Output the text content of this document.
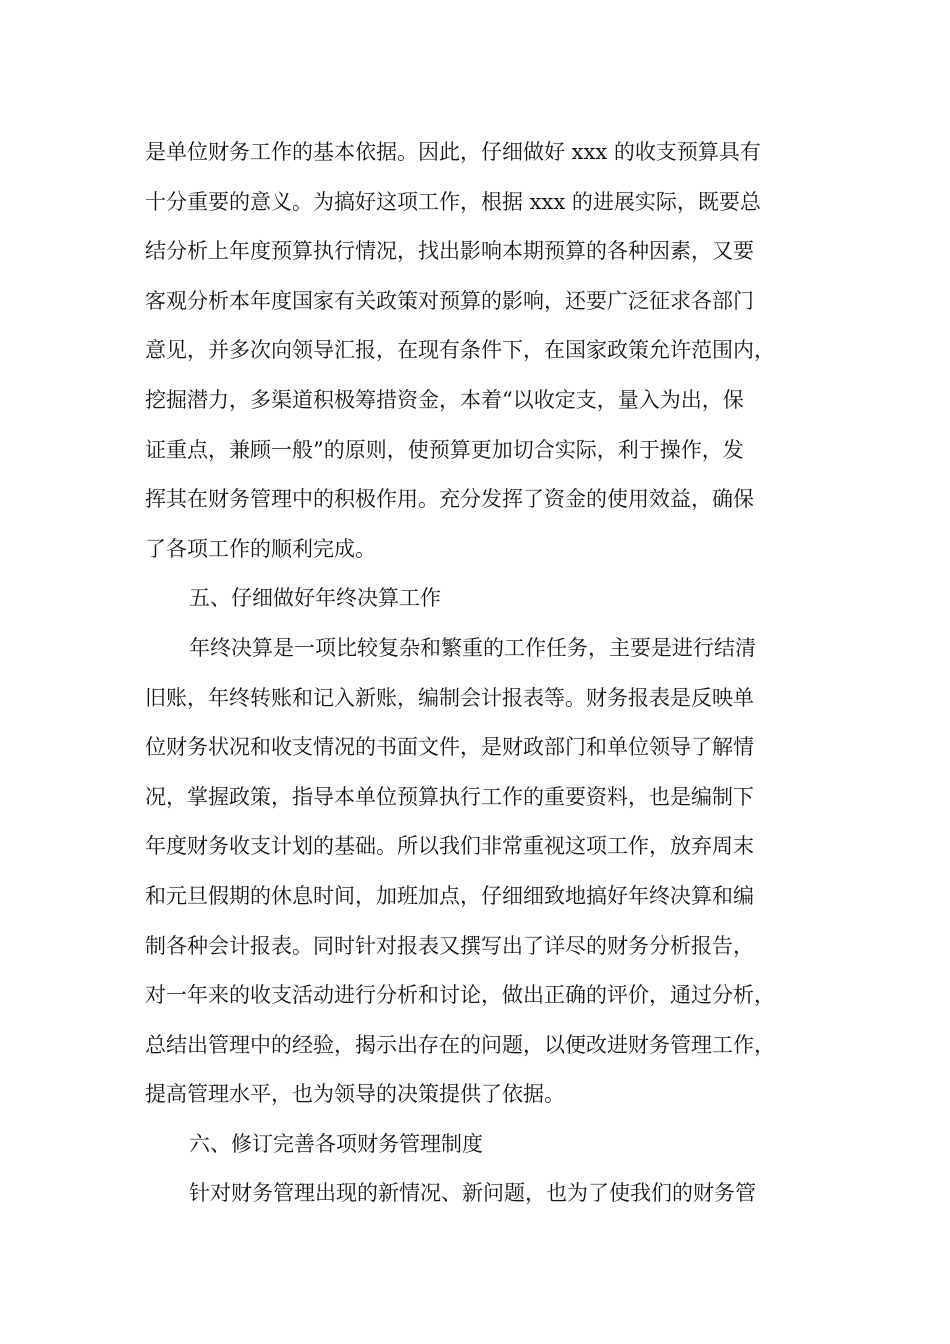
是单位财务工作的基本依据。因此，仔细做好 xxx 的收支预算具有
十分重要的意义。为搞好这项工作，根据 xxx 的进展实际，既要总
结分析上年度预算执行情况，找出影响本期预算的各种因素，又要
客观分析本年度国家有关政策对预算的影响，还要广泛征求各部门
意见，并多次向领导汇报，在现有条件下，在国家政策允许范围内，
挖掘潜力，多渠道积极筹措资金，本着“以收定支，量入为出，保
证重点，兼顾一般”的原则，使预算更加切合实际，利于操作，发
挥其在财务管理中的积极作用。充分发挥了资金的使用效益，确保
了各项工作的顺利完成。
五、仔细做好年终决算工作
年终决算是一项比较复杂和繁重的工作任务，主要是进行结清
旧账，年终转账和记入新账，编制会计报表等。财务报表是反映单
位财务状况和收支情况的书面文件，是财政部门和单位领导了解情
况，掌握政策，指导本单位预算执行工作的重要资料，也是编制下
年度财务收支计划的基础。所以我们非常重视这项工作，放弃周末
和元旦假期的休息时间，加班加点，仔细细致地搞好年终决算和编
制各种会计报表。同时针对报表又撰写出了详尽的财务分析报告，
对一年来的收支活动进行分析和讨论，做出正确的评价，通过分析，
总结出管理中的经验，揭示出存在的问题，以便改进财务管理工作，
提高管理水平，也为领导的决策提供了依据。
六、修订完善各项财务管理制度
针对财务管理出现的新情况、新问题，也为了使我们的财务管
